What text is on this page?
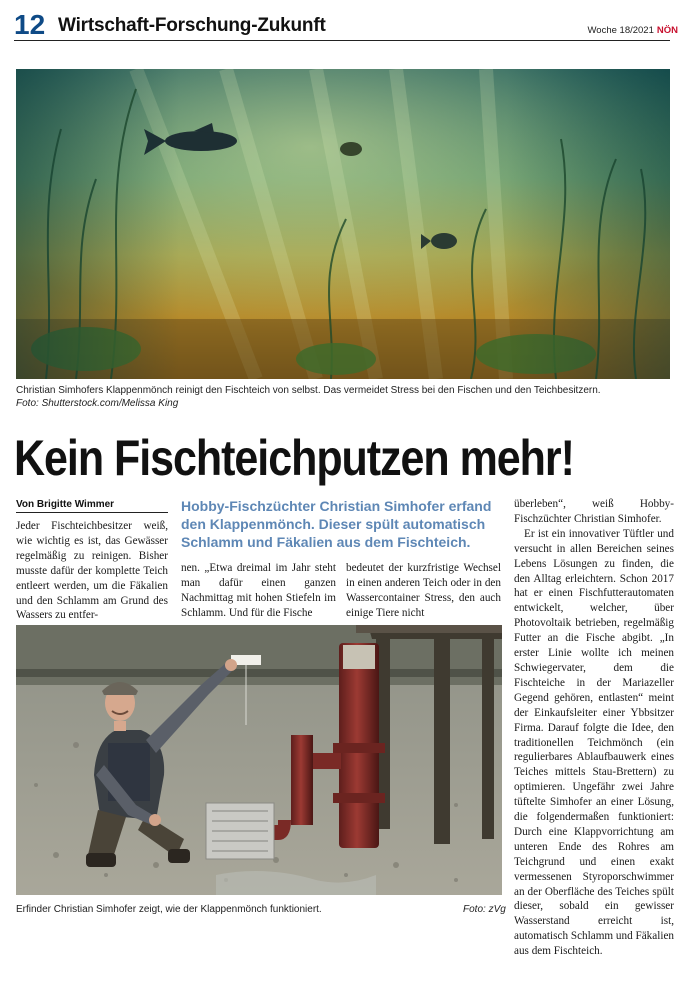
12 Wirtschaft-Forschung-Zukunft	Woche 18/2021 NÖN
Christian Simhofers Klappenmönch reinigt den Fischteich von selbst. Das vermeidet Stress bei den Fischen und den Teichbesitzern.
Foto: Shutterstock.com/Melissa King
Kein Fischteichputzen mehr!
Von Brigitte Wimmer	Hobby-Fischzüchter Christian Simhofer erfand den Klappenmönch. Dieser spült automatisch Schlamm und Fäkalien aus dem Fischteich.

Jeder Fischteichbesitzer weiß, wie wichtig es ist, das Gewässer regelmäßig zu reinigen. Bisher musste dafür der komplette Teich entleert werden, um die Fäkalien und den Schlamm am Grund des Wassers zu entfer-

nen. „Etwa dreimal im Jahr steht man dafür einen ganzen Nachmittag mit hohen Stiefeln im Schlamm. Und für die Fische

bedeutet der kurzfristige Wechsel in einen anderen Teich oder in den Wassercontainer Stress, den auch einige Tiere nicht

überleben“, weiß Hobby-Fischzüchter Christian Simhofer.

Er ist ein innovativer Tüftler und versucht in allen Bereichen seines Lebens Lösungen zu finden, die den Alltag erleichtern. Schon 2017 hat er einen Fischfutterautomaten entwickelt, welcher, über Photovoltaik betrieben, regelmäßig Futter an die Fische abgibt. „In erster Linie wollte ich meinen Schwiegervater, dem die Fischteiche in der Mariazeller Gegend gehören, entlasten“ meint der Einkaufsleiter einer Ybbsitzer Firma. Darauf folgte die Idee, den traditionellen Teichmönch (ein regulierbares Ablaufbauwerk eines Teiches mittels Stau-Brettern) zu optimieren. Ungefähr zwei Jahre tüftelte Simhofer an einer Lösung, die folgendermaßen funktioniert: Durch eine Klappvorrichtung am unteren Ende des Rohres am Teichgrund und einen exakt vermessenen Styroporschwimmer an der Oberfläche des Teiches spült dieser, sobald ein gewisser Wasserstand erreicht ist, automatisch Schlamm und Fäkalien aus dem Fischteich.

Erfinder Christian Simhofer zeigt, wie der Klappenmönch funktioniert.	Foto: zVg
